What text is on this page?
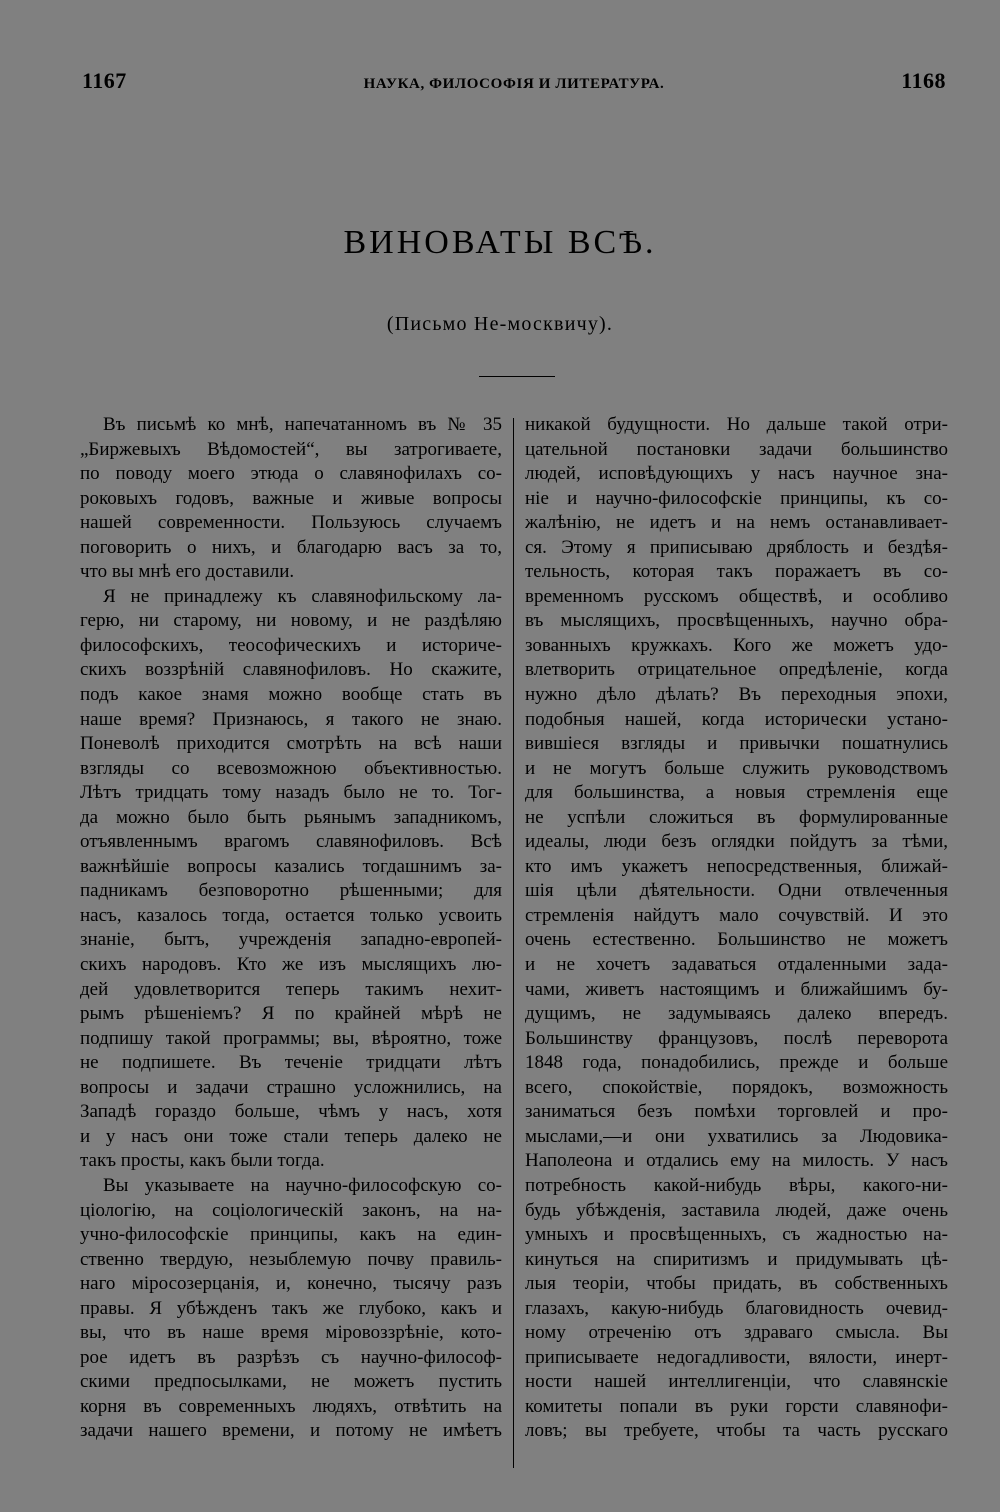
1167	НАУКА, ФИЛОСОФІЯ И ЛИТЕРАТУРА.	1168
ВИНОВАТЫ ВСѢ.
(Письмо Не-москвичу).
Въ письмѣ ко мнѣ, напечатанномъ въ № 35
„Биржевыхъ Вѣдомостей“, вы затрогиваете,
по поводу моего этюда о славянофилахъ со-
роковыхъ годовъ, важные и живые вопросы
нашей современности. Пользуюсь случаемъ
поговорить о нихъ, и благодарю васъ за то,
что вы мнѣ его доставили.
Я не принадлежу къ славянофильскому ла-
герю, ни старому, ни новому, и не раздѣляю
философскихъ, теософическихъ и историче-
скихъ воззрѣній славянофиловъ. Но скажите,
подъ какое знамя можно вообще стать въ
наше время? Признаюсь, я такого не знаю.
Поневолѣ приходится смотрѣть на всѣ наши
взгляды со всевозможною объективностью.
Лѣтъ тридцать тому назадъ было не то. Тог-
да можно было быть рьянымъ западникомъ,
отъявленнымъ врагомъ славянофиловъ. Всѣ
важнѣйшіе вопросы казались тогдашнимъ за-
падникамъ безповоротно рѣшенными; для
насъ, казалось тогда, остается только усвоить
знаніе, бытъ, учрежденія западно-европей-
скихъ народовъ. Кто же изъ мыслящихъ лю-
дей удовлетворится теперь такимъ нехит-
рымъ рѣшеніемъ? Я по крайней мѣрѣ не
подпишу такой программы; вы, вѣроятно, тоже
не подпишете. Въ теченіе тридцати лѣтъ
вопросы и задачи страшно усложнились, на
Западѣ гораздо больше, чѣмъ у насъ, хотя
и у насъ они тоже стали теперь далеко не
такъ просты, какъ были тогда.
Вы указываете на научно-философскую со-
ціологію, на соціологическій законъ, на на-
учно-философскіе принципы, какъ на един-
ственно твердую, незыблемую почву правиль-
наго міросозерцанія, и, конечно, тысячу разъ
правы. Я убѣжденъ такъ же глубоко, какъ и
вы, что въ наше время міровоззрѣніе, кото-
рое идетъ въ разрѣзъ съ научно-философ-
скими предпосылками, не можетъ пустить
корня въ современныхъ людяхъ, отвѣтить на
задачи нашего времени, и потому не имѣетъ
никакой будущности. Но дальше такой отри-
цательной постановки задачи большинство
людей, исповѣдующихъ у насъ научное зна-
ніе и научно-философскіе принципы, къ со-
жалѣнію, не идетъ и на немъ останавливает-
ся. Этому я приписываю дряблость и бездѣя-
тельность, которая такъ поражаетъ въ со-
временномъ русскомъ обществѣ, и особливо
въ мыслящихъ, просвѣщенныхъ, научно обра-
зованныхъ кружкахъ. Кого же можетъ удо-
влетворить отрицательное опредѣленіе, когда
нужно дѣло дѣлать? Въ переходныя эпохи,
подобныя нашей, когда исторически устано-
вившіеся взгляды и привычки пошатнулись
и не могутъ больше служить руководствомъ
для большинства, а новыя стремленія еще
не успѣли сложиться въ формулированные
идеалы, люди безъ оглядки пойдутъ за тѣми,
кто имъ укажетъ непосредственныя, ближай-
шія цѣли дѣятельности. Одни отвлеченныя
стремленія найдутъ мало сочувствій. И это
очень естественно. Большинство не можетъ
и не хочетъ задаваться отдаленными зада-
чами, живетъ настоящимъ и ближайшимъ бу-
дущимъ, не задумываясь далеко впередъ.
Большинству французовъ, послѣ переворота
1848 года, понадобились, прежде и больше
всего, спокойствіе, порядокъ, возможность
заниматься безъ помѣхи торговлей и про-
мыслами,—и они ухватились за Людовика-
Наполеона и отдались ему на милость. У насъ
потребность какой-нибудь вѣры, какого-ни-
будь убѣжденія, заставила людей, даже очень
умныхъ и просвѣщенныхъ, съ жадностью на-
кинуться на спиритизмъ и придумывать цѣ-
лыя теоріи, чтобы придать, въ собственныхъ
глазахъ, какую-нибудь благовидность очевид-
ному отреченію отъ здраваго смысла. Вы
приписываете недогадливости, вялости, инерт-
ности нашей интеллигенціи, что славянскіе
комитеты попали въ руки горсти славянофи-
ловъ; вы требуете, чтобы та часть русскаго
